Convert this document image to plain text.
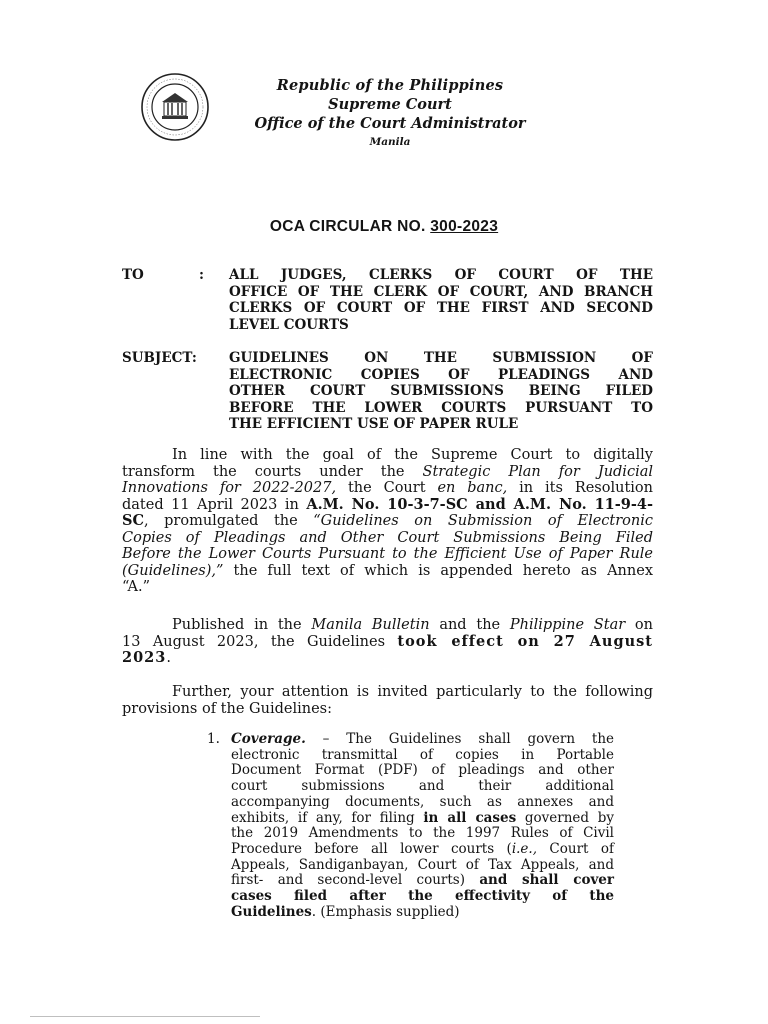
Republic of the Philippines
Supreme Court
Office of the Court Administrator
Manila
OCA CIRCULAR NO. 300-2023
TO	: ALL JUDGES, CLERKS OF COURT OF THE
OFFICE OF THE CLERK OF COURT, AND BRANCH
CLERKS OF COURT OF THE FIRST AND SECOND
LEVEL COURTS
SUBJECT: GUIDELINES ON THE SUBMISSION OF
ELECTRONIC COPIES OF PLEADINGS AND
OTHER COURT SUBMISSIONS BEING FILED
BEFORE THE LOWER COURTS PURSUANT TO
THE EFFICIENT USE OF PAPER RULE
In line with the goal of the Supreme Court to digitally
transform the courts under the Strategic Plan for Judicial
Innovations for 2022-2027, the Court en banc, in its Resolution
dated 11 April 2023 in A.M. No. 10-3-7-SC and A.M. No. 11-9-4-
SC, promulgated the “Guidelines on Submission of Electronic
Copies of Pleadings and Other Court Submissions Being Filed
Before the Lower Courts Pursuant to the Efficient Use of Paper Rule
(Guidelines),” the full text of which is appended hereto as Annex
“A.”
Published in the Manila Bulletin and the Philippine Star on
13 August 2023, the Guidelines took effect on 27 August
2023.
Further, your attention is invited particularly to the following
provisions of the Guidelines:
1. Coverage. – The Guidelines shall govern the
electronic transmittal of copies in Portable
Document Format (PDF) of pleadings and other
court submissions and their additional
accompanying documents, such as annexes and
exhibits, if any, for filing in all cases governed by
the 2019 Amendments to the 1997 Rules of Civil
Procedure before all lower courts (i.e., Court of
Appeals, Sandiganbayan, Court of Tax Appeals, and
first- and second-level courts) and shall cover
cases filed after the effectivity of the
Guidelines. (Emphasis supplied)
